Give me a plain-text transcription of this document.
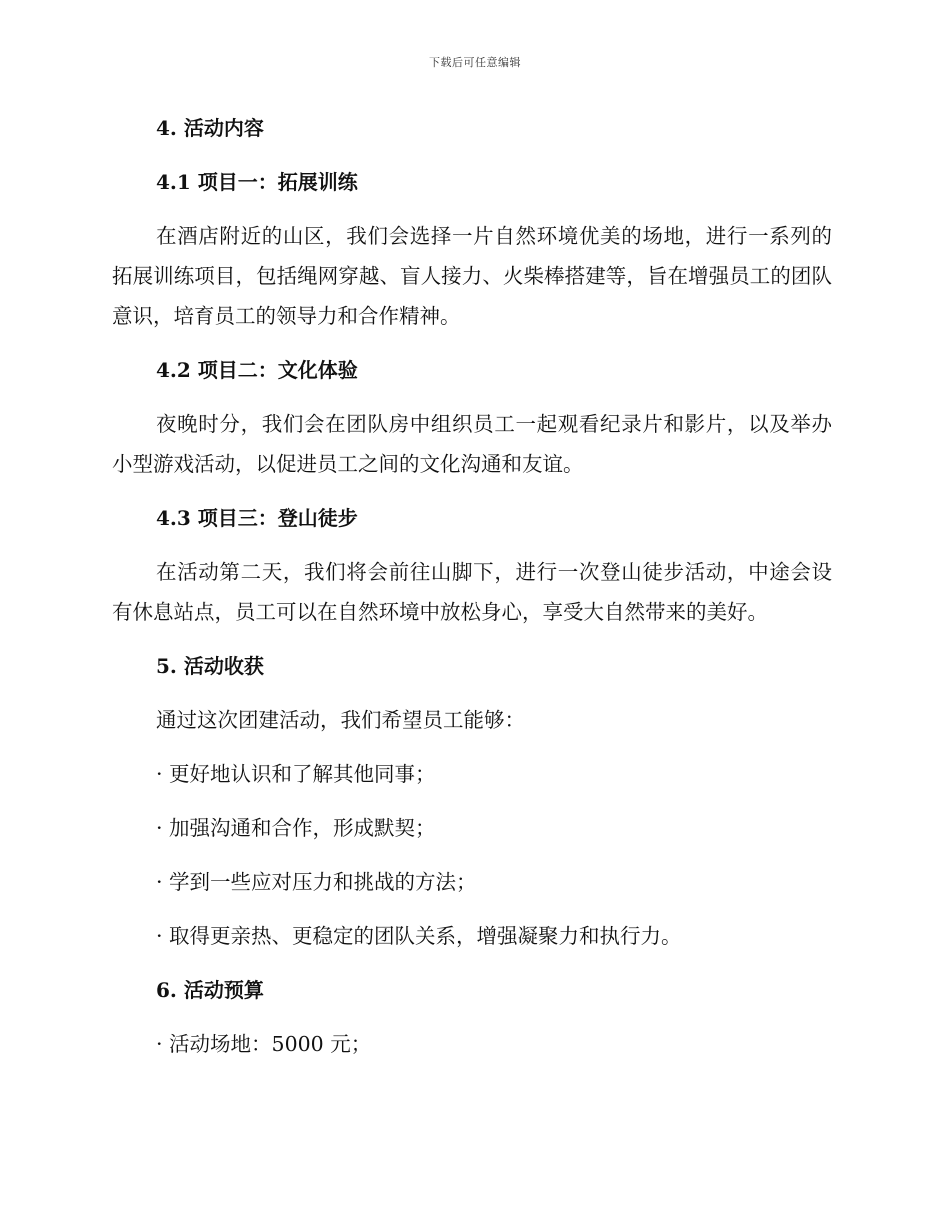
下载后可任意编辑
4. 活动内容
4.1 项目一：拓展训练

在酒店附近的山区，我们会选择一片自然环境优美的场地，进行一系列的拓展训练项目，包括绳网穿越、盲人接力、火柴棒搭建等，旨在增强员工的团队意识，培育员工的领导力和合作精神。

4.2 项目二：文化体验

夜晚时分，我们会在团队房中组织员工一起观看纪录片和影片，以及举办小型游戏活动，以促进员工之间的文化沟通和友谊。

4.3 项目三：登山徒步

在活动第二天，我们将会前往山脚下，进行一次登山徒步活动，中途会设有休息站点，员工可以在自然环境中放松身心，享受大自然带来的美好。

5. 活动收获
通过这次团建活动，我们希望员工能够：
· 更好地认识和了解其他同事；
· 加强沟通和合作，形成默契；
· 学到一些应对压力和挑战的方法；
· 取得更亲热、更稳定的团队关系，增强凝聚力和执行力。
6. 活动预算
· 活动场地：5000 元；
